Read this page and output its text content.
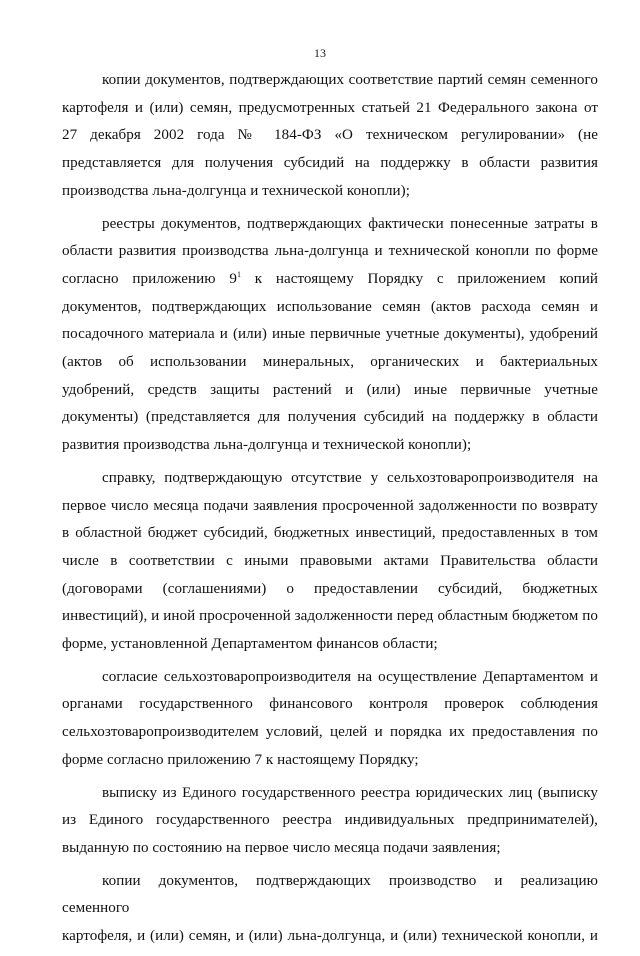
13

копии документов, подтверждающих соответствие партий семян семенного
картофеля и (или) семян, предусмотренных статьей 21 Федерального закона от
27 декабря 2002 года № 184-ФЗ «О техническом регулировании» (не
представляется для получения субсидий на поддержку в области развития
производства льна-долгунца и технической конопли);

реестры документов, подтверждающих фактически понесенные затраты в
области развития производства льна-долгунца и технической конопли по форме
согласно приложению $9^1$ к настоящему Порядку с приложением копий
документов, подтверждающих использование семян (актов расхода семян и
посадочного материала и (или) иные первичные учетные документы), удобрений
(актов об использовании минеральных, органических и бактериальных
удобрений, средств защиты растений и (или) иные первичные учетные
документы) (представляется для получения субсидий на поддержку в области
развития производства льна-долгунца и технической конопли);

справку, подтверждающую отсутствие у сельхозтоваропроизводителя на
первое число месяца подачи заявления просроченной задолженности по возврату
в областной бюджет субсидий, бюджетных инвестиций, предоставленных в том
числе в соответствии с иными правовыми актами Правительства области
(договорами (соглашениями) о предоставлении субсидий, бюджетных
инвестиций), и иной просроченной задолженности перед областным бюджетом по
форме, установленной Департаментом финансов области;

согласие сельхозтоваропроизводителя на осуществление Департаментом и
органами государственного финансового контроля проверок соблюдения
сельхозтоваропроизводителем условий, целей и порядка их предоставления по
форме согласно приложению 7 к настоящему Порядку;

выписку из Единого государственного реестра юридических лиц (выписку
из Единого государственного реестра индивидуальных предпринимателей),
выданную по состоянию на первое число месяца подачи заявления;

копии документов, подтверждающих производство и реализацию семенного
картофеля, и (или) семян, и (или) льна-долгунца, и (или) технической конопли, и
